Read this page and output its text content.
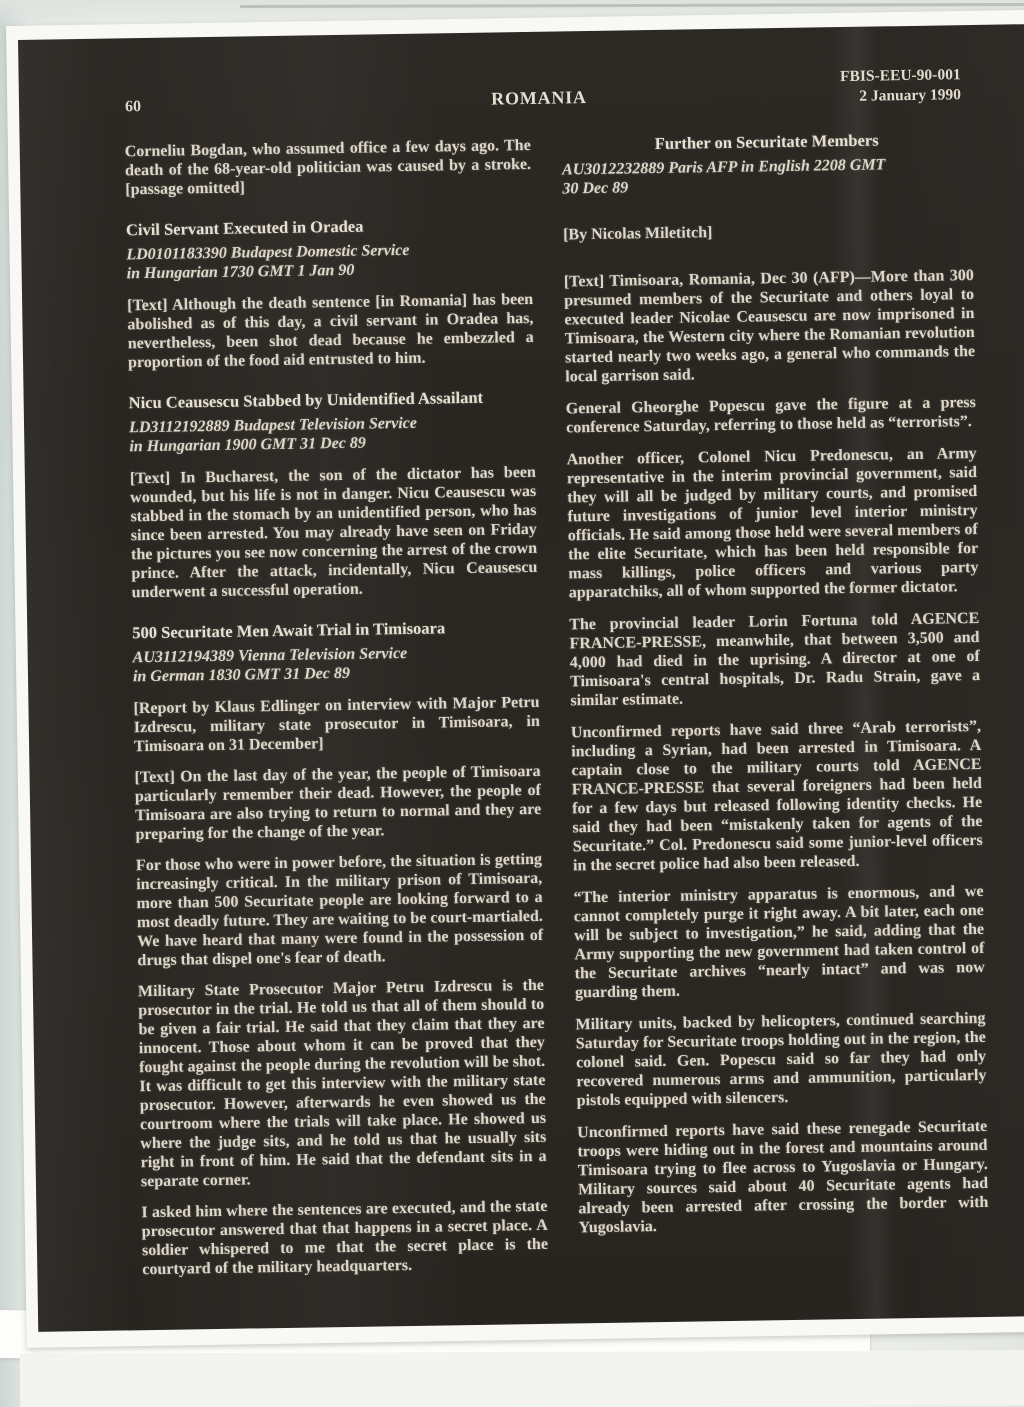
60	ROMANIA
FBIS-EEU-90-001
2 January 1990
Corneliu Bogdan, who assumed office a few days ago. The death of the 68-year-old politician was caused by a stroke. [passage omitted]
Civil Servant Executed in Oradea
LD0101183390 Budapest Domestic Service
in Hungarian 1730 GMT 1 Jan 90
[Text] Although the death sentence [in Romania] has been abolished as of this day, a civil servant in Oradea has, nevertheless, been shot dead because he embezzled a proportion of the food aid entrusted to him.
Nicu Ceausescu Stabbed by Unidentified Assailant
LD3112192889 Budapest Television Service
in Hungarian 1900 GMT 31 Dec 89
[Text] In Bucharest, the son of the dictator has been wounded, but his life is not in danger. Nicu Ceausescu was stabbed in the stomach by an unidentified person, who has since been arrested. You may already have seen on Friday the pictures you see now concerning the arrest of the crown prince. After the attack, incidentally, Nicu Ceausescu underwent a successful operation.
500 Securitate Men Await Trial in Timisoara
AU3112194389 Vienna Television Service
in German 1830 GMT 31 Dec 89
[Report by Klaus Edlinger on interview with Major Petru Izdrescu, military state prosecutor in Timisoara, in Timisoara on 31 December]
[Text] On the last day of the year, the people of Timisoara particularly remember their dead. However, the people of Timisoara are also trying to return to normal and they are preparing for the change of the year.
For those who were in power before, the situation is getting increasingly critical. In the military prison of Timisoara, more than 500 Securitate people are looking forward to a most deadly future. They are waiting to be court-martialed. We have heard that many were found in the possession of drugs that dispel one's fear of death.
Military State Prosecutor Major Petru Izdrescu is the prosecutor in the trial. He told us that all of them should to be given a fair trial. He said that they claim that they are innocent. Those about whom it can be proved that they fought against the people during the revolution will be shot. It was difficult to get this interview with the military state prosecutor. However, afterwards he even showed us the courtroom where the trials will take place. He showed us where the judge sits, and he told us that he usually sits right in front of him. He said that the defendant sits in a separate corner.
I asked him where the sentences are executed, and the state prosecutor answered that that happens in a secret place. A soldier whispered to me that the secret place is the courtyard of the military headquarters.
Further on Securitate Members
AU3012232889 Paris AFP in English 2208 GMT
30 Dec 89
[By Nicolas Miletitch]
[Text] Timisoara, Romania, Dec 30 (AFP)—More than 300 presumed members of the Securitate and others loyal to executed leader Nicolae Ceausescu are now imprisoned in Timisoara, the Western city where the Romanian revolution started nearly two weeks ago, a general who commands the local garrison said.
General Gheorghe Popescu gave the figure at a press conference Saturday, referring to those held as “terrorists”.
Another officer, Colonel Nicu Predonescu, an Army representative in the interim provincial government, said they will all be judged by military courts, and promised future investigations of junior level interior ministry officials. He said among those held were several members of the elite Securitate, which has been held responsible for mass killings, police officers and various party apparatchiks, all of whom supported the former dictator.
The provincial leader Lorin Fortuna told AGENCE FRANCE-PRESSE, meanwhile, that between 3,500 and 4,000 had died in the uprising. A director at one of Timisoara's central hospitals, Dr. Radu Strain, gave a similar estimate.
Unconfirmed reports have said three “Arab terrorists”, including a Syrian, had been arrested in Timisoara. A captain close to the military courts told AGENCE FRANCE-PRESSE that several foreigners had been held for a few days but released following identity checks. He said they had been “mistakenly taken for agents of the Securitate.” Col. Predonescu said some junior-level officers in the secret police had also been released.
“The interior ministry apparatus is enormous, and we cannot completely purge it right away. A bit later, each one will be subject to investigation,” he said, adding that the Army supporting the new government had taken control of the Securitate archives “nearly intact” and was now guarding them.
Military units, backed by helicopters, continued searching Saturday for Securitate troops holding out in the region, the colonel said. Gen. Popescu said so far they had only recovered numerous arms and ammunition, particularly pistols equipped with silencers.
Unconfirmed reports have said these renegade Securitate troops were hiding out in the forest and mountains around Timisoara trying to flee across to Yugoslavia or Hungary. Military sources said about 40 Securitate agents had already been arrested after crossing the border with Yugoslavia.
